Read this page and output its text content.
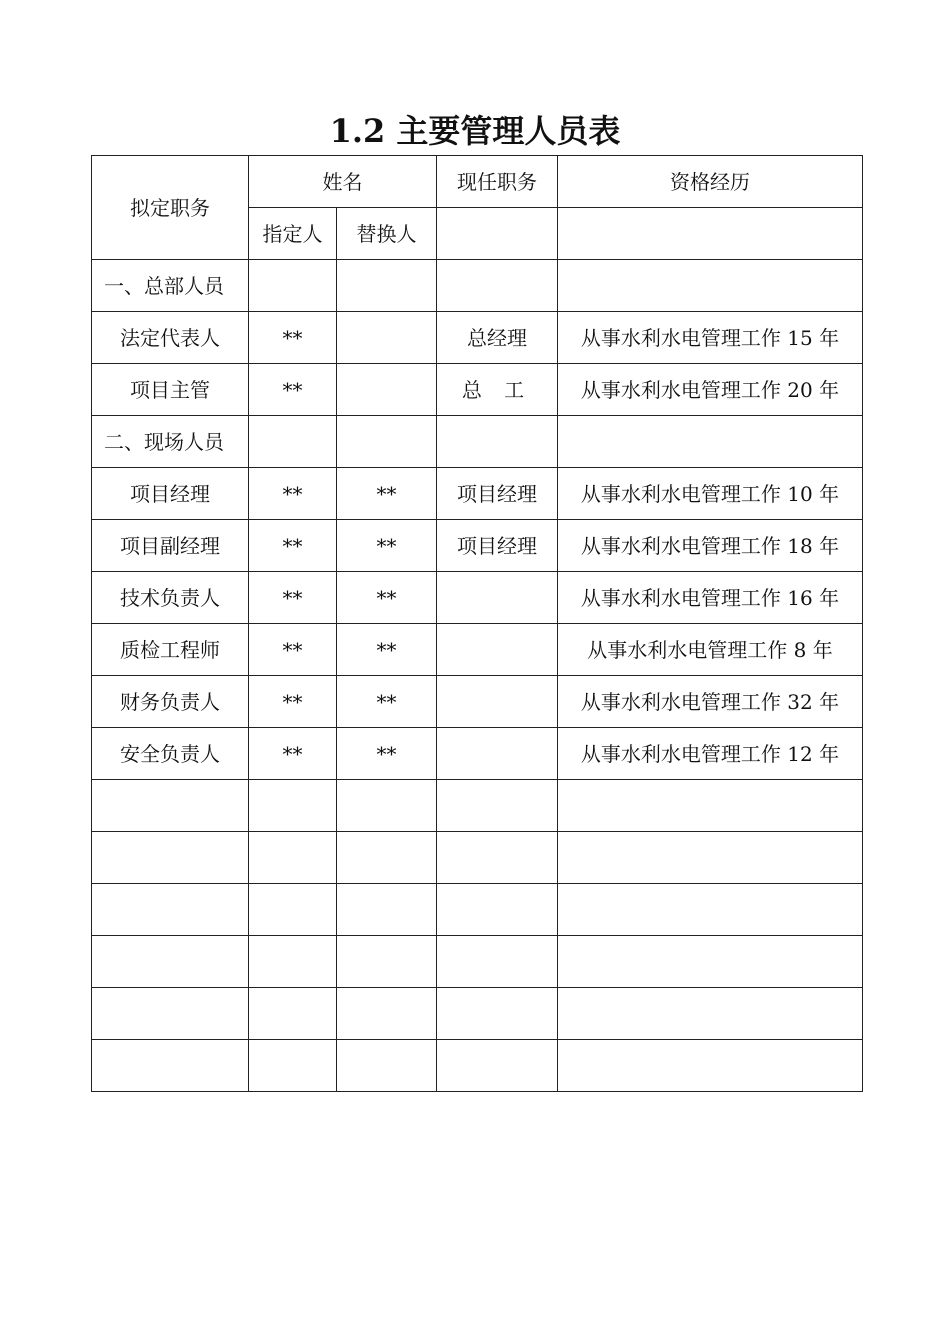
1.2 主要管理人员表
拟定职务	姓名		现任职务	资格经历
	指定人	替换人		
一、总部人员				
法定代表人	**		总经理	从事水利水电管理工作 15 年
项目主管	**		总 工	从事水利水电管理工作 20 年
二、现场人员				
项目经理	**	**	项目经理	从事水利水电管理工作 10 年
项目副经理	**	**	项目经理	从事水利水电管理工作 18 年
技术负责人	**	**		从事水利水电管理工作 16 年
质检工程师	**	**		从事水利水电管理工作 8 年
财务负责人	**	**		从事水利水电管理工作 32 年
安全负责人	**	**		从事水利水电管理工作 12 年
